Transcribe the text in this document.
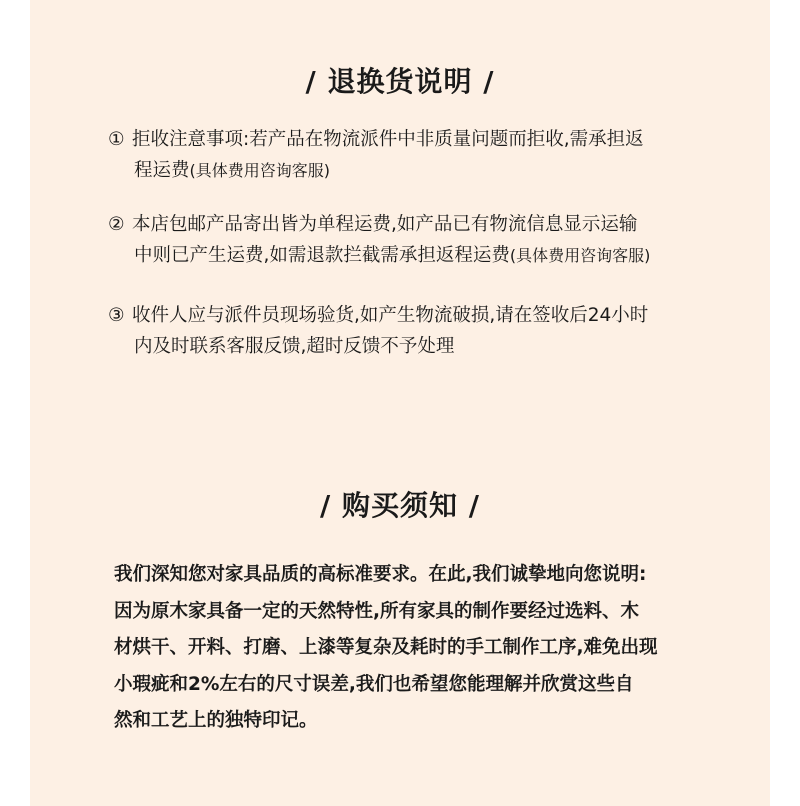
/ 退换货说明 /
① 拒收注意事项:若产品在物流派件中非质量问题而拒收,需承担返
程运费(具体费用咨询客服)
② 本店包邮产品寄出皆为单程运费,如产品已有物流信息显示运输
中则已产生运费,如需退款拦截需承担返程运费(具体费用咨询客服)
③ 收件人应与派件员现场验货,如产生物流破损,请在签收后24小时
内及时联系客服反馈,超时反馈不予处理
/ 购买须知 /
我们深知您对家具品质的高标准要求。在此,我们诚挚地向您说明:
因为原木家具备一定的天然特性,所有家具的制作要经过选料、木
材烘干、开料、打磨、上漆等复杂及耗时的手工制作工序,难免出现
小瑕疵和2%左右的尺寸误差,我们也希望您能理解并欣赏这些自
然和工艺上的独特印记。
